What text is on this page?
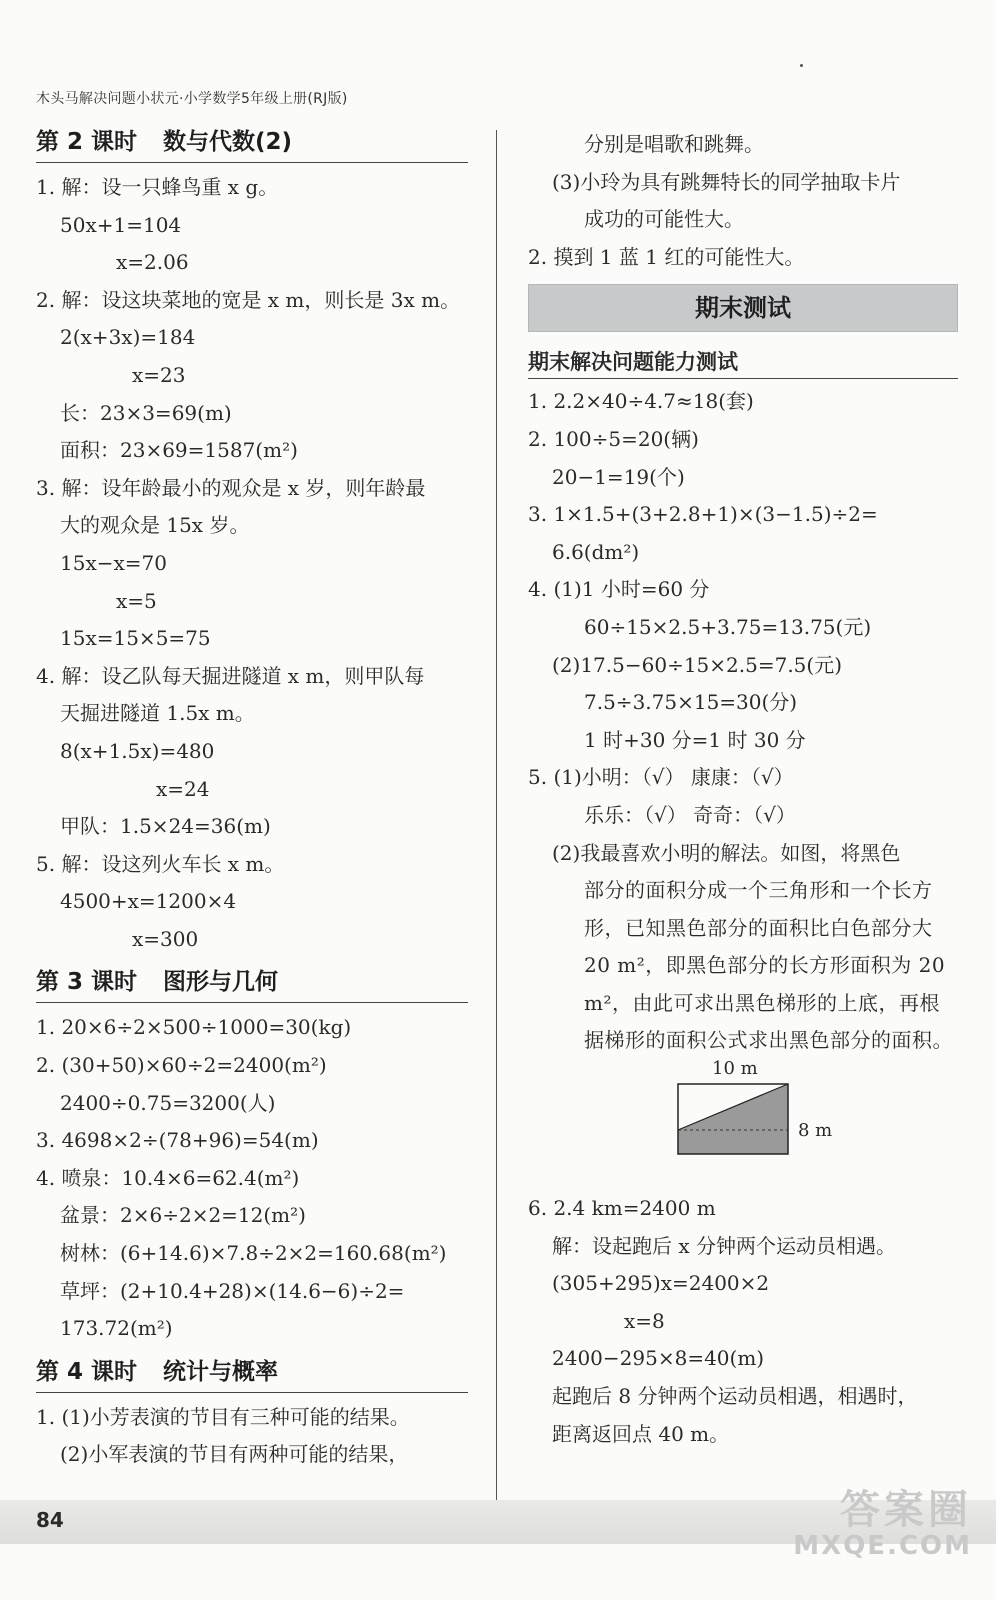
木头马解决问题小状元·小学数学5年级上册(RJ版)
第 2 课时 数与代数(2)
1. 解：设一只蜂鸟重 x g。
50x+1=104
x=2.06
2. 解：设这块菜地的宽是 x m，则长是 3x m。
2(x+3x)=184
x=23
长：23×3=69(m)
面积：23×69=1587(m²)
3. 解：设年龄最小的观众是 x 岁，则年龄最
大的观众是 15x 岁。
15x−x=70
x=5
15x=15×5=75
4. 解：设乙队每天掘进隧道 x m，则甲队每
天掘进隧道 1.5x m。
8(x+1.5x)=480
x=24
甲队：1.5×24=36(m)
5. 解：设这列火车长 x m。
4500+x=1200×4
x=300
第 3 课时 图形与几何
1. 20×6÷2×500÷1000=30(kg)
2. (30+50)×60÷2=2400(m²)
2400÷0.75=3200(人)
3. 4698×2÷(78+96)=54(m)
4. 喷泉：10.4×6=62.4(m²)
盆景：2×6÷2×2=12(m²)
树林：(6+14.6)×7.8÷2×2=160.68(m²)
草坪：(2+10.4+28)×(14.6−6)÷2=
173.72(m²)
第 4 课时 统计与概率
1. (1)小芳表演的节目有三种可能的结果。
(2)小军表演的节目有两种可能的结果，
分别是唱歌和跳舞。
(3)小玲为具有跳舞特长的同学抽取卡片
成功的可能性大。
2. 摸到 1 蓝 1 红的可能性大。
期末测试
期末解决问题能力测试
1. 2.2×40÷4.7≈18(套)
2. 100÷5=20(辆)
20−1=19(个)
3. 1×1.5+(3+2.8+1)×(3−1.5)÷2=
6.6(dm²)
4. (1)1 小时=60 分
60÷15×2.5+3.75=13.75(元)
(2)17.5−60÷15×2.5=7.5(元)
7.5÷3.75×15=30(分)
1 时+30 分=1 时 30 分
5. (1)小明：（√） 康康：（√）
乐乐：（√） 奇奇：（√）
(2)我最喜欢小明的解法。如图，将黑色
部分的面积分成一个三角形和一个长方形，已知黑色部分的面积比白色部分大 20 m²，即黑色部分的长方形面积为 20 m²，由此可求出黑色梯形的上底，再根据梯形的面积公式求出黑色部分的面积。
10 m
8 m
6. 2.4 km=2400 m
解：设起跑后 x 分钟两个运动员相遇。
(305+295)x=2400×2
x=8
2400−295×8=40(m)
起跑后 8 分钟两个运动员相遇，相遇时，
距离返回点 40 m。
84	答案圈
MXQE.COM
